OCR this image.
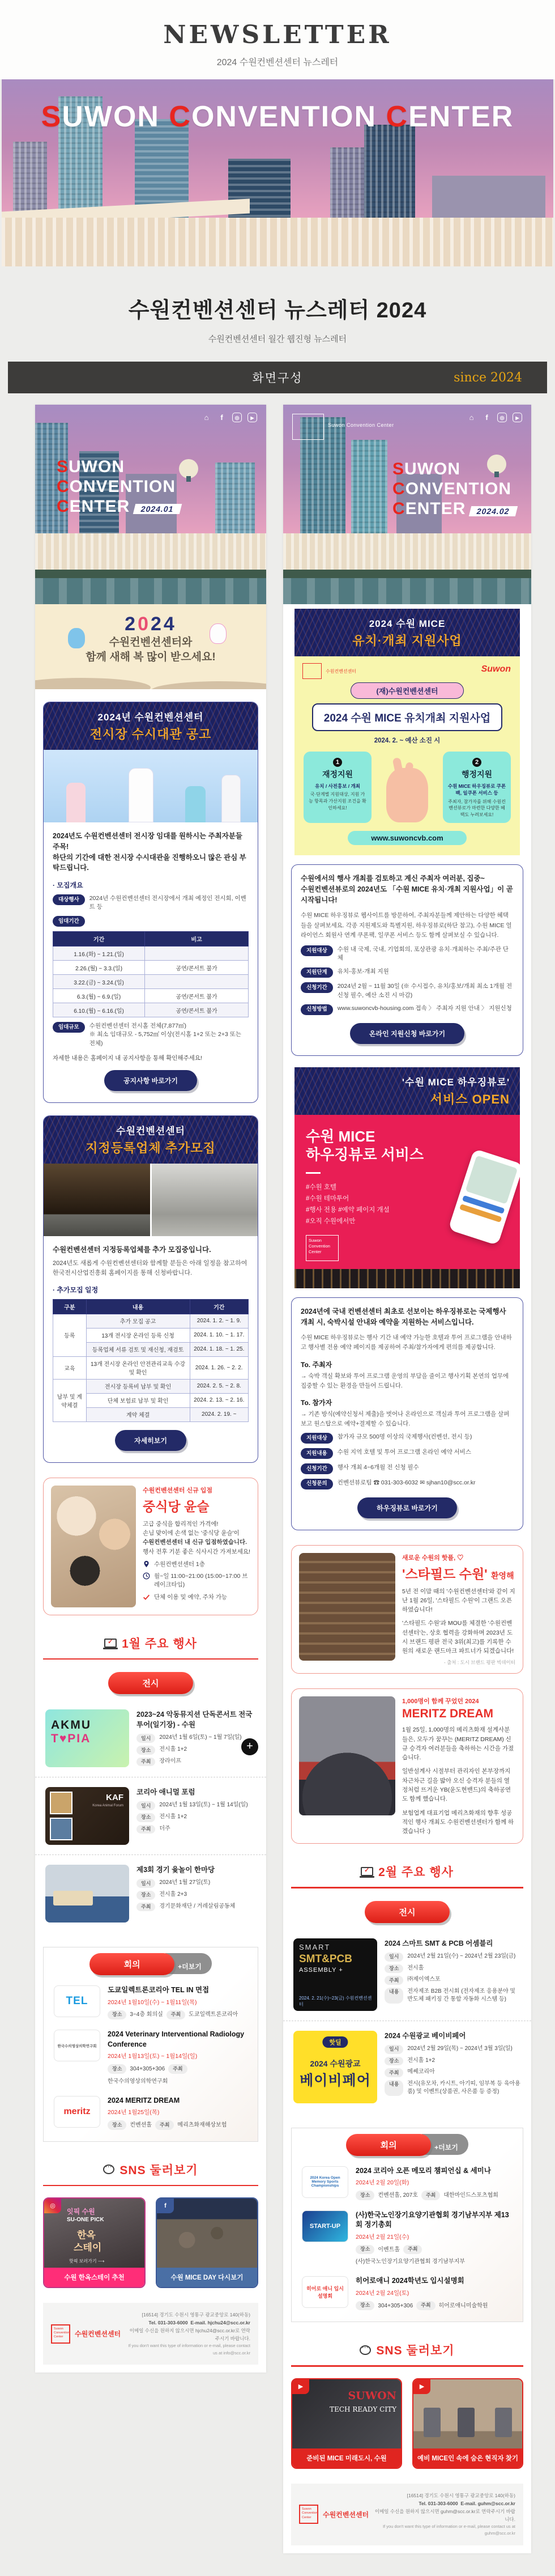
NEWSLETTER

2024 수원컨벤션센터 뉴스레터

SUWON CONVENTION CENTER
수원컨벤션센터 뉴스레터 2024

수원컨벤션센터 월간 웹진형 뉴스레터

화면구성	since 2024
⌂	f	◎	▶
SUWON
CONVENTION
CENTER 2024.01
2024

수원컨벤션센터와

함께 새해 복 많이 받으세요!

2024년 수원컨벤션센터
전시장 수시대관 공고

2024년도 수원컨벤션센터 전시장 임대를 원하시는 주최자분들 주목!

하단의 기간에 대한 전시장 수시대관을 진행하오니 많은 관심 부탁드립니다.

· 모집개요

대상행사	2024년 수원컨벤션센터 전시장에서 개최 예정인 전시회, 이벤트 등
임대기간
기간	비고
1.16.(화) ~ 1.21.(일)	
2.26.(월) ~ 3.3.(일)	공연/콘서트 불가
3.22.(금) ~ 3.24.(일)	
6.3.(월) ~ 6.9.(일)	공연/콘서트 불가
6.10.(월) ~ 6.16.(일)	공연/콘서트 불가
임대규모	수원컨벤션센터 전시홀 전체(7,877㎡)
※ 최소 임대규모 - 5,752㎡ 이상(전시홀 1+2 또는 2+3 또는 전체)

자세한 내용은 홈페이지 내 공지사항을 통해 확인해주세요!

공지사항 바로가기
수원컨벤션센터
지정등록업체 추가모집

수원컨벤션센터 지정등록업체를 추가 모집중입니다.

2024년도 새롭게 수원컨벤션센터와 함께할 분들은 아래 일정을 참고하여 한국전시산업진흥회 홈페이지를 통해 신청바랍니다.

· 추가모집 일정

구분	내용	기간
등록	추가 모집 공고	2024. 1. 2. ~ 1. 9.
	13개 전시장 온라인 등록 신청	2024. 1. 10. ~ 1. 17.
	등록업체 서류 검토 및 재신청, 재검토	2024. 1. 18. ~ 1. 25.
교육	13개 전시장 온라인 안전관리교육 수강 및 확인	2024. 1. 26. ~ 2. 2.
납부 및 계약체결	전시장 등록비 납부 및 확인	2024. 2. 5. ~ 2. 8.
	단체 보험료 납부 및 확인	2024. 2. 13. ~ 2. 16.
	계약 체결	2024. 2. 19. ~
자세히보기
수원컨벤션센터 신규 입점
중식당 윤슬
고급 중식을 합리적인 가격에!
손님 맞이에 손색 없는 '중식당 윤슬'이
수원컨벤션센터 내 신규 입점하였습니다.
행사 전후 기분 좋은 식사시간 가져보세요!
수원컨벤션센터 1층
월~일 11:00~21:00 (15:00~17:00 브레이크타임)
단체 이용 및 예약, 주차 가능
✓
1월 주요 행사
전시
AKMU
T♥PIA
2023~24 악동뮤지션 단독콘서트 전국투어(일기장) - 수원
일시	2024년 1월 6일(토) ~ 1월 7일(일)
장소	전시홀 1+2
주최	장라이프
+
KAF
Korea Animal Forum
코리아 애니멀 포럼
일시	2024년 1월 13일(토) ~ 1월 14일(일)
장소	전시홀 1+2
주최	더주
제3회 경기 윷놀이 한마당
일시	2024년 1월 27일(토)
장소	전시홀 2+3
주최	경기문화재단 / 겨레살림공동체
회의	+더보기
TEL
도쿄일렉트론코리아 TEL IN 면접
2024년 1월10일(수) ~ 1월11일(목)
장소	3~4층 회의실	주최	도쿄일렉트론코리아
한국수의영상의학연구회
2024 Veterinary Interventional Radiology Conference
2024년 1월13일(토) ~ 1월14일(일)
장소	304+305+306	주최
한국수의영상의학연구회
meritz
2024 MERITZ DREAM
2024년 1월25일(목)
장소	컨벤션홀	주최	메리츠화재해상보험
···
SNS 둘러보기
◎
잇픽 수원
SU-ONE PICK
한옥
스테이
핫픽 보러가기 ⟶
수원 한옥스테이 추천
f
수원 MICE DAY 다시보기
Suwon Convention Center	수원컨벤션센터
[16514] 경기도 수원시 영통구 광교중앙로 140(하동)
Tel. 031-303-6000 E-mail. hjchu24@scc.or.kr
이메일 수신을 원하지 않으시면 hjchu24@scc.or.kr로 연락주시기 바랍니다.
If you don't want this type of information or e-mail, please contact us at info@scc.or.kr
Suwon Convention Center
⌂	f	◎	▶
SUWON
CONVENTION
CENTER 2024.02
2024 수원 MICE
유치·개최 지원사업
수원컨벤션센터	Suwon
(재)수원컨벤션센터
2024 수원 MICE 유치개최 지원사업
2024. 2. ~ 예산 소진 시
1
재정지원
유치 / 사전홍보 / 개최
국·단계별 지원대상, 지원 가능 항목과 가산지원 조건을 확인하세요!
2
행정지원
수원 MICE 하우징뷰로 쿠폰팩, 일쿠폰 서비스 등
주최자, 참가자를 위해 수원컨벤션뷰로가 마련한 다양한 혜택도 누려보세요!
www.suwoncvb.com

수원에서의 행사 개최를 검토하고 계신 주최자 여러분, 집중~

수원컨벤션뷰로의 2024년도 「수원 MICE 유치·개최 지원사업」이 곧 시작됩니다!

수원 MICE 하우징뷰로 웹사이트를 방문하여, 주최자분들께 제안하는 다양한 혜택들을 살펴보세요. 각종 지원제도와 특별지원, 하우징뷰로(하단 참고), 수원 MICE 얼라이언스 회원사 연계 쿠폰팩, 일쿠폰 서비스 등도 함께 살펴보실 수 있습니다.

지원대상	수원 내 국제, 국내, 기업회의, 포상관광 유치·개최하는 주최/주관 단체
지원단계	유치-홍보-개최 지원
신청기간	2024년 2월 ~ 11월 30일 (※ 수시접수, 유치/홍보/개최 최소 1개월 전 신청 필수, 예산 소진 시 마감)
신청방법	www.suwoncvb-housing.com 접속 〉 주최자 지원 안내 〉 지원신청
온라인 지원신청 바로가기
'수원 MICE 하우징뷰로'
서비스 OPEN
수원 MICE
하우징뷰로 서비스
#수원 호텔
#수원 테마투어
#행사 전용 #예약 페이지 개설
#오직 수원에서만
Suwon Convention Center

2024년에 국내 컨벤션센터 최초로 선보이는 하우징뷰로는 국제행사 개최 시, 숙박시설 안내와 예약을 지원하는 서비스입니다.

수원 MICE 하우징뷰로는 행사 기간 내 예약 가능한 호텔과 투어 프로그램을 안내하고 행사별 전용 예약 페이지를 제공하여 주최/참가자에게 편의를 제공합니다.

To. 주최자

→ 숙박 객실 확보와 투어 프로그램 운영의 부담을 줄이고 행사기획 본연의 업무에 집중할 수 있는 환경을 만들어 드립니다.

To. 참가자

→ 기존 방식(예약신청서 제출)을 벗어나 온라인으로 객실과 투어 프로그램을 살펴보고 원스탑으로 예약+결제할 수 있습니다.

지원대상	참가자 규모 500명 이상의 국제행사(컨벤션, 전시 등)
지원내용	수원 지역 호텔 및 투어 프로그램 온라인 예약 서비스
신청기간	행사 개최 4~6개월 전 신청 필수
신청문의	컨벤션뷰로팀 ☎ 031-303-6032 ✉ sjhan10@scc.or.kr
하우징뷰로 바로가기
새로운 수원의 핫플, ♡
'스타필드 수원' 환영해

5년 전 이맘 때의 '수원컨벤션센터'와 같이 지난 1월 26일, '스타필드 수원'이 그랜드 오픈 하였습니다!

'스타필드 수원'과 MOU를 체결한 '수원컨벤션센터'는, 상호 협력을 강화하며 2023년 도시 브랜드 평판 전국 3위(최고)를 기록한 수원의 새로운 랜드마크 파트너가 되겠습니다!

- 출처 : 도시 브랜드 평판 빅데이터

1,000명이 함께 꾸었던 2024
MERITZ DREAM

1월 25일, 1,000명의 메리츠화재 설계사분들은, 모두가 꿈꾸는 (MERITZ DREAM) 신규 승격자 여러분들을 축하하는 시간을 가졌습니다.

일반설계사 시절부터 관리자인 본부장까지 차근차근 길을 밟아 오신 승격자 분들의 열정처럼 뜨거운 YB(윤도현밴드)의 축하공연도 함께 했습니다.

보험업계 대표기업 메리츠화재의 향후 성공적인 행사 개최도 수원컨벤션센터가 함께 하겠습니다 :)

✓
2월 주요 행사
전시
SMART
SMT&PCB
ASSEMBLY +
2024. 2. 21(수)~23(금) 수원컨벤션센터
2024 스마트 SMT & PCB 어셈블리
일시	2024년 2월 21일(수) ~ 2024년 2월 23일(금)
장소	전시홀
주최	㈜제이엑스포
내용	전자제조 B2B 전시회 (전자제조 응용분야 및 반도체 패키징 간 통합 자동화 시스템 등)
핫딜
2024 수원광교
베이비페어
2024 수원광교 베이비페어
일시	2024년 2월 29일(목) ~ 2024년 3월 3일(일)
장소	전시홀 1+2
주최	메쎄코리아
내용	전시(유모차, 카시트, 아기띠, 임부복 등 육아용품) 및 이벤트(상품권, 사은품 등 증정)
회의	+더보기
2024 Korea Open Memory Sports Championships
2024 코리아 오픈 메모리 챔피언십 & 세미나
2024년 2월 20일(화)
장소	컨벤션홀, 207호	주최	대한마인드스포츠협회
START-UP
(사)한국노인장기요양기관협회 경기남부지부 제13회 정기총회
2024년 2월 21일(수)
장소	이벤트홀	주최
(사)한국노인장기요양기관협회 경기남부지부
히어로 애니 입시 설명회
히어로애니 2024학년도 입시설명회
2024년 2월 24일(토)
장소	304+305+306	주최	히어로애니미술학원
···
SNS 둘러보기
▶
SUWON
TECH READY CITY
준비된 MICE 미래도시, 수원
▶
예비 MICE인 속에 숨은 현직자 찾기
Suwon Convention Center	수원컨벤션센터
[16514] 경기도 수원시 영통구 광교중앙로 140(하동)
Tel. 031-303-6000 E-mail. guhm@scc.or.kr
이메일 수신을 원하지 않으시면 guhm@scc.or.kr로 연락주시기 바랍니다.
If you don't want this type of information or e-mail, please contact us at guhm@scc.or.kr
